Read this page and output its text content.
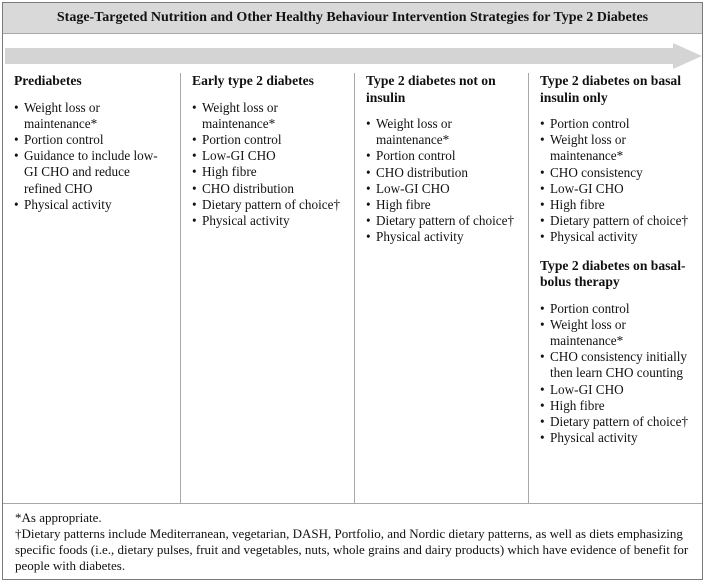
Stage-Targeted Nutrition and Other Healthy Behaviour Intervention Strategies for Type 2 Diabetes
Prediabetes
• Weight loss or maintenance*
• Portion control
• Guidance to include low-GI CHO and reduce refined CHO
• Physical activity
Early type 2 diabetes
• Weight loss or maintenance*
• Portion control
• Low-GI CHO
• High fibre
• CHO distribution
• Dietary pattern of choice†
• Physical activity
Type 2 diabetes not on insulin
• Weight loss or maintenance*
• Portion control
• CHO distribution
• Low-GI CHO
• High fibre
• Dietary pattern of choice†
• Physical activity
Type 2 diabetes on basal insulin only
• Portion control
• Weight loss or maintenance*
• CHO consistency
• Low-GI CHO
• High fibre
• Dietary pattern of choice†
• Physical activity
Type 2 diabetes on basal-bolus therapy
• Portion control
• Weight loss or maintenance*
• CHO consistency initially then learn CHO counting
• Low-GI CHO
• High fibre
• Dietary pattern of choice†
• Physical activity

*As appropriate.

†Dietary patterns include Mediterranean, vegetarian, DASH, Portfolio, and Nordic dietary patterns, as well as diets emphasizing specific foods (i.e., dietary pulses, fruit and vegetables, nuts, whole grains and dairy products) which have evidence of benefit for people with diabetes.
